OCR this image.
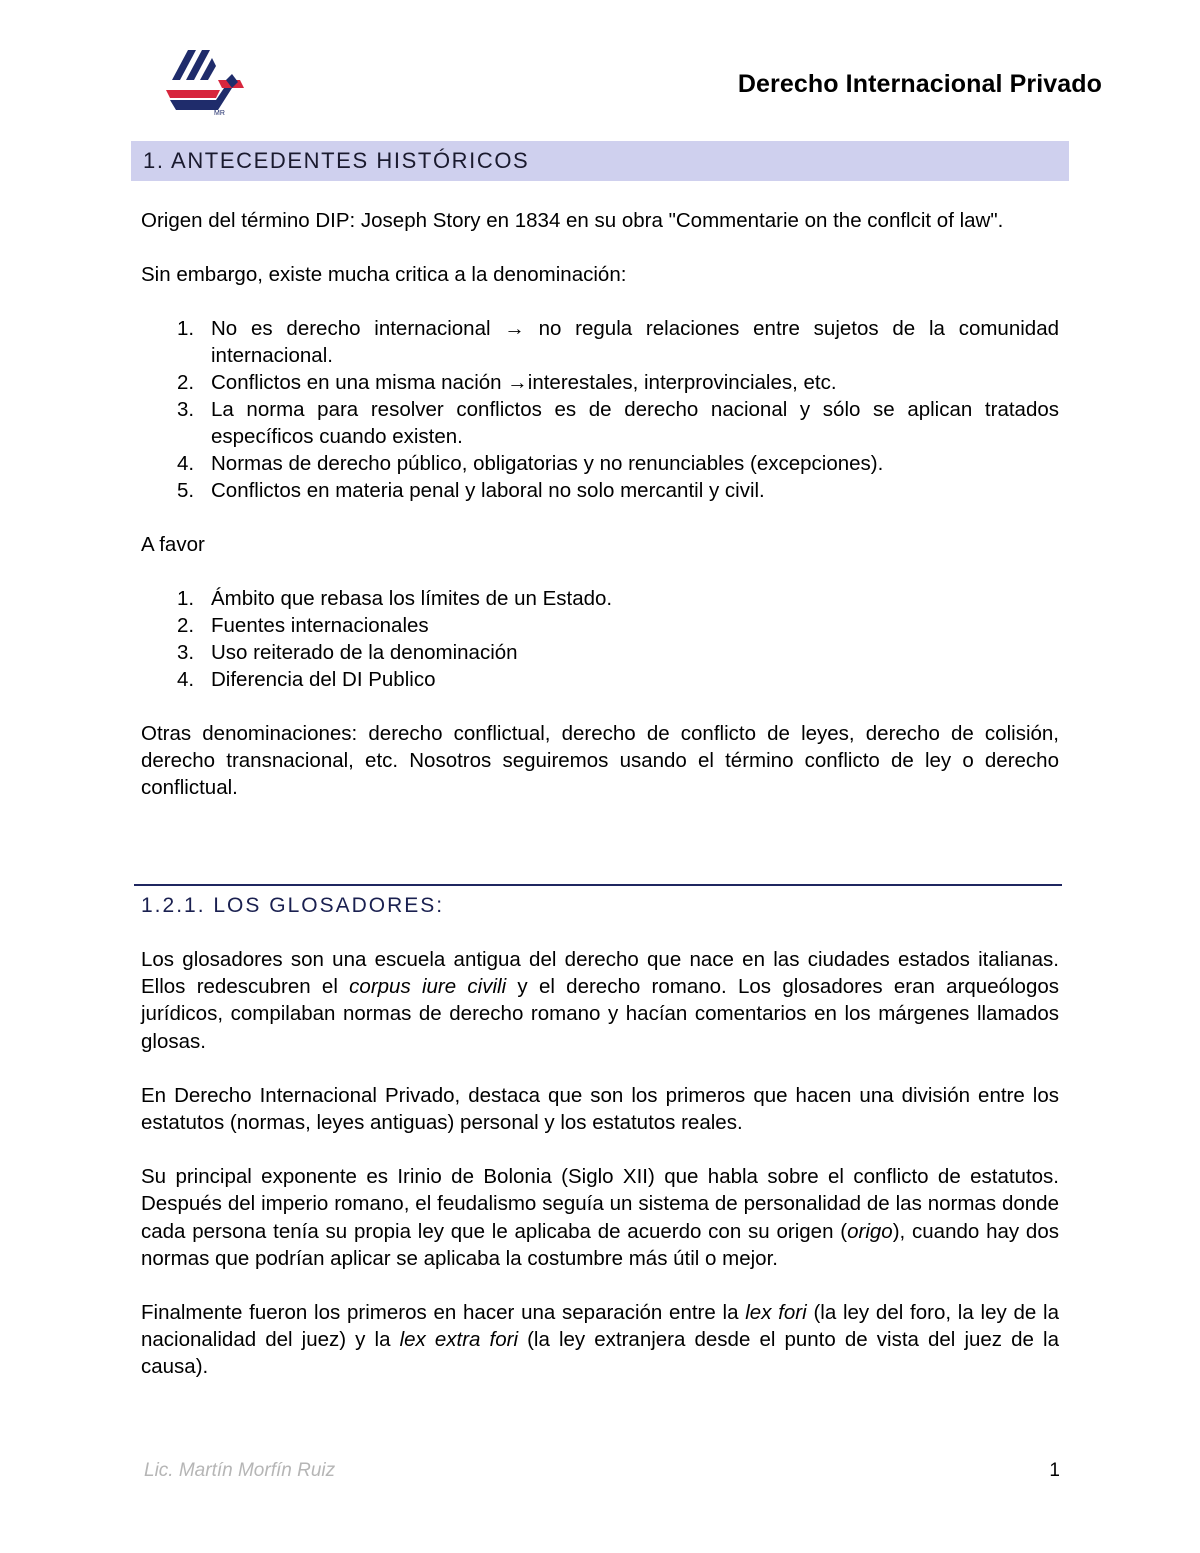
MR
Derecho Internacional Privado
1. ANTECEDENTES HISTÓRICOS

Origen del término DIP: Joseph Story en 1834 en su obra "Commentarie on the conflcit of law".

Sin embargo, existe mucha critica a la denominación:

1. No es derecho internacional → no regula relaciones entre sujetos de la comunidad internacional.
2. Conflictos en una misma nación →interestales, interprovinciales, etc.
3. La norma para resolver conflictos es de derecho nacional y sólo se aplican tratados específicos cuando existen.
4. Normas de derecho público, obligatorias y no renunciables (excepciones).
5. Conflictos en materia penal y laboral no solo mercantil y civil.

A favor

1. Ámbito que rebasa los límites de un Estado.
2. Fuentes internacionales
3. Uso reiterado de la denominación
4. Diferencia del DI Publico

Otras denominaciones: derecho conflictual, derecho de conflicto de leyes, derecho de colisión, derecho transnacional, etc. Nosotros seguiremos usando el término conflicto de ley o derecho conflictual.

1.2.1. LOS GLOSADORES:

Los glosadores son una escuela antigua del derecho que nace en las ciudades estados italianas. Ellos redescubren el corpus iure civili y el derecho romano. Los glosadores eran arqueólogos jurídicos, compilaban normas de derecho romano y hacían comentarios en los márgenes llamados glosas.

En Derecho Internacional Privado, destaca que son los primeros que hacen una división entre los estatutos (normas, leyes antiguas) personal y los estatutos reales.

Su principal exponente es Irinio de Bolonia (Siglo XII) que habla sobre el conflicto de estatutos. Después del imperio romano, el feudalismo seguía un sistema de personalidad de las normas donde cada persona tenía su propia ley que le aplicaba de acuerdo con su origen (origo), cuando hay dos normas que podrían aplicar se aplicaba la costumbre más útil o mejor.

Finalmente fueron los primeros en hacer una separación entre la lex fori (la ley del foro, la ley de la nacionalidad del juez) y la lex extra fori (la ley extranjera desde el punto de vista del juez de la causa).

Lic. Martín Morfín Ruiz	1
